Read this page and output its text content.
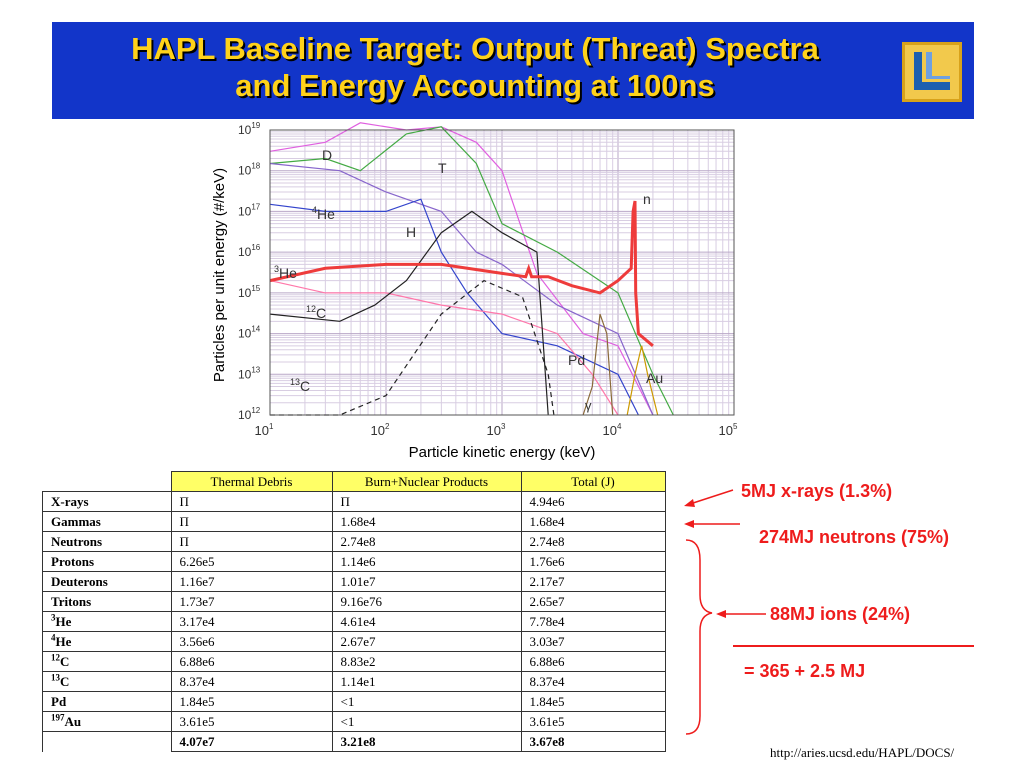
HAPL Baseline Target: Output (Threat) Spectra
and Energy Accounting at 100ns
$10^1$	$10^2$	$10^3$	$10^4$	$10^5$
$10^{12}$
$10^{13}$
$10^{14}$
$10^{15}$
$10^{16}$
$10^{17}$
$10^{18}$
$10^{19}$
Particle kinetic energy (keV)
Particles per unit energy (#/keV)
D
T
$^4$He
H
$^3$He
$^{12}$C
$^{13}$C
Pd
γ
Au
n
	Thermal Debris	Burn+Nuclear Products	Total (J)
X-rays	Π	Π	4.94e6
Gammas	Π	1.68e4	1.68e4
Neutrons	Π	2.74e8	2.74e8
Protons	6.26e5	1.14e6	1.76e6
Deuterons	1.16e7	1.01e7	2.17e7
Tritons	1.73e7	9.16e76	2.65e7
$^3$He	3.17e4	4.61e4	7.78e4
$^4$He	3.56e6	2.67e7	3.03e7
$^{12}$C	6.88e6	8.83e2	6.88e6
$^{13}$C	8.37e4	1.14e1	8.37e4
Pd	1.84e5	<1	1.84e5
$^{197}$Au	3.61e5	<1	3.61e5
	4.07e7	3.21e8	3.67e8
5MJ x-rays (1.3%)
274MJ neutrons (75%)
88MJ ions (24%)
= 365 + 2.5 MJ
http://aries.ucsd.edu/HAPL/DOCS/
